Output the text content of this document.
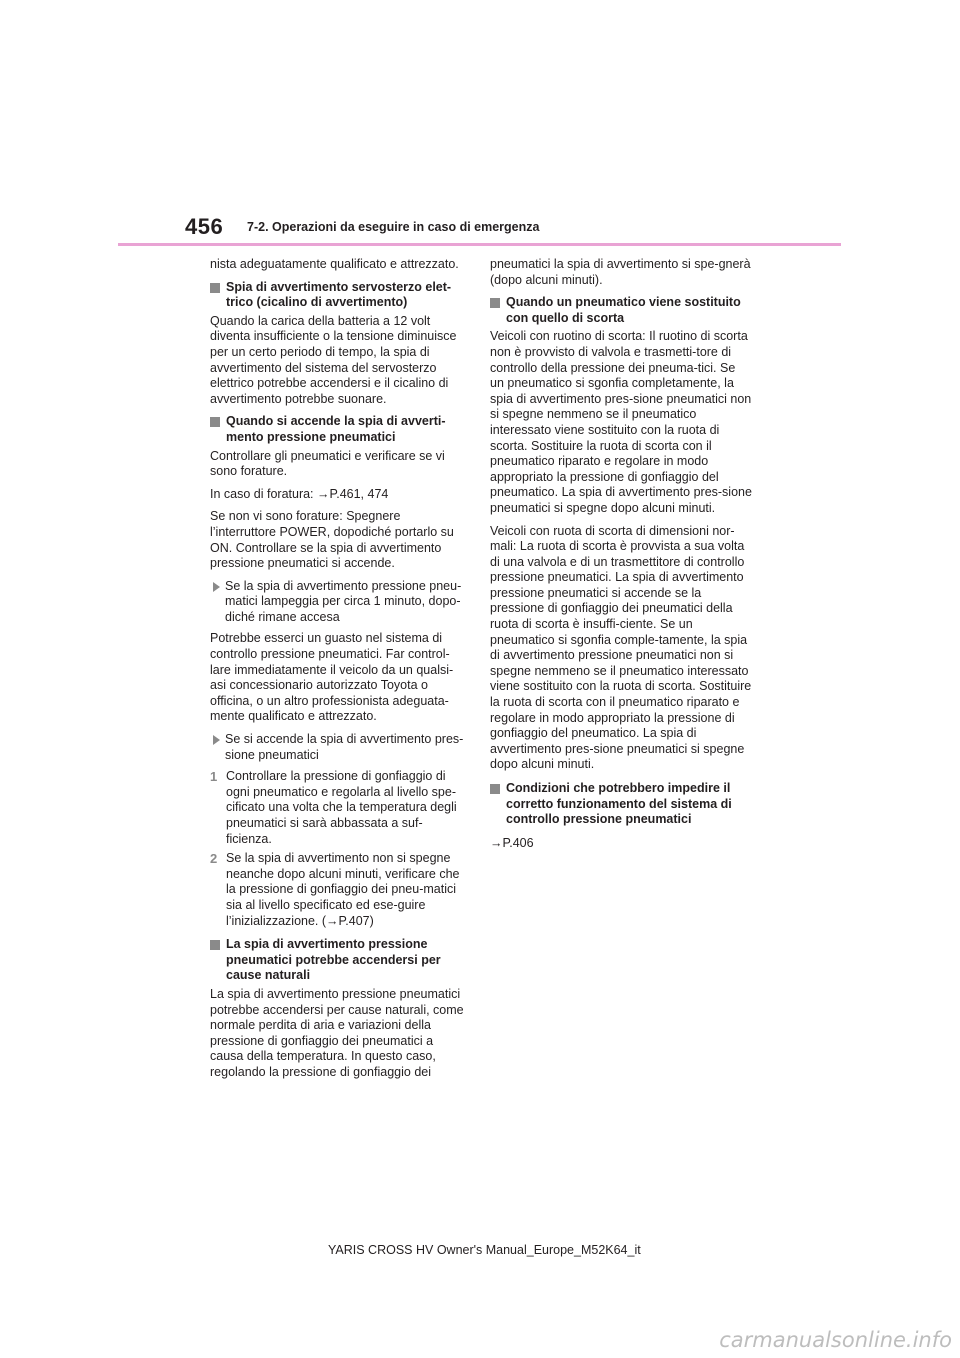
456 7-2. Operazioni da eseguire in caso di emergenza

nista adeguatamente qualificato e attrezzato.

Spia di avvertimento servosterzo elet-trico (cicalino di avvertimento)

Quando la carica della batteria a 12 volt diventa insufficiente o la tensione diminuisce per un certo periodo di tempo, la spia di avvertimento del sistema del servosterzo elettrico potrebbe accendersi e il cicalino di avvertimento potrebbe suonare.

Quando si accende la spia di avverti-mento pressione pneumatici

Controllare gli pneumatici e verificare se vi sono forature.

In caso di foratura: →P.461, 474

Se non vi sono forature: Spegnere l’interruttore POWER, dopodiché portarlo su ON. Controllare se la spia di avvertimento pressione pneumatici si accende.

Se la spia di avvertimento pressione pneu-matici lampeggia per circa 1 minuto, dopo-diché rimane accesa

Potrebbe esserci un guasto nel sistema di controllo pressione pneumatici. Far control-lare immediatamente il veicolo da un qualsi-asi concessionario autorizzato Toyota o officina, o un altro professionista adeguata-mente qualificato e attrezzato.

Se si accende la spia di avvertimento pres-sione pneumatici
1 Controllare la pressione di gonfiaggio di ogni pneumatico e regolarla al livello spe-cificato una volta che la temperatura degli pneumatici si sarà abbassata a suf-ficienza.
2 Se la spia di avvertimento non si spegne neanche dopo alcuni minuti, verificare che la pressione di gonfiaggio dei pneu-matici sia al livello specificato ed ese-guire l’inizializzazione. (→P.407)
La spia di avvertimento pressione pneumatici potrebbe accendersi per cause naturali

La spia di avvertimento pressione pneumatici potrebbe accendersi per cause naturali, come normale perdita di aria e variazioni della pressione di gonfiaggio dei pneumatici a causa della temperatura. In questo caso, regolando la pressione di gonfiaggio dei

pneumatici la spia di avvertimento si spe-gnerà (dopo alcuni minuti).

Quando un pneumatico viene sostituito con quello di scorta

Veicoli con ruotino di scorta: Il ruotino di scorta non è provvisto di valvola e trasmetti-tore di controllo della pressione dei pneuma-tici. Se un pneumatico si sgonfia completamente, la spia di avvertimento pres-sione pneumatici non si spegne nemmeno se il pneumatico interessato viene sostituito con la ruota di scorta. Sostituire la ruota di scorta con il pneumatico riparato e regolare in modo appropriato la pressione di gonfiaggio del pneumatico. La spia di avvertimento pres-sione pneumatici si spegne dopo alcuni minuti.

Veicoli con ruota di scorta di dimensioni nor-mali: La ruota di scorta è provvista a sua volta di una valvola e di un trasmettitore di controllo pressione pneumatici. La spia di avvertimento pressione pneumatici si accende se la pressione di gonfiaggio dei pneumatici della ruota di scorta è insuffi-ciente. Se un pneumatico si sgonfia comple-tamente, la spia di avvertimento pressione pneumatici non si spegne nemmeno se il pneumatico interessato viene sostituito con la ruota di scorta. Sostituire la ruota di scorta con il pneumatico riparato e regolare in modo appropriato la pressione di gonfiaggio del pneumatico. La spia di avvertimento pres-sione pneumatici si spegne dopo alcuni minuti.

Condizioni che potrebbero impedire il corretto funzionamento del sistema di controllo pressione pneumatici

→P.406

YARIS CROSS HV Owner's Manual_Europe_M52K64_it
carmanualsonline.info
